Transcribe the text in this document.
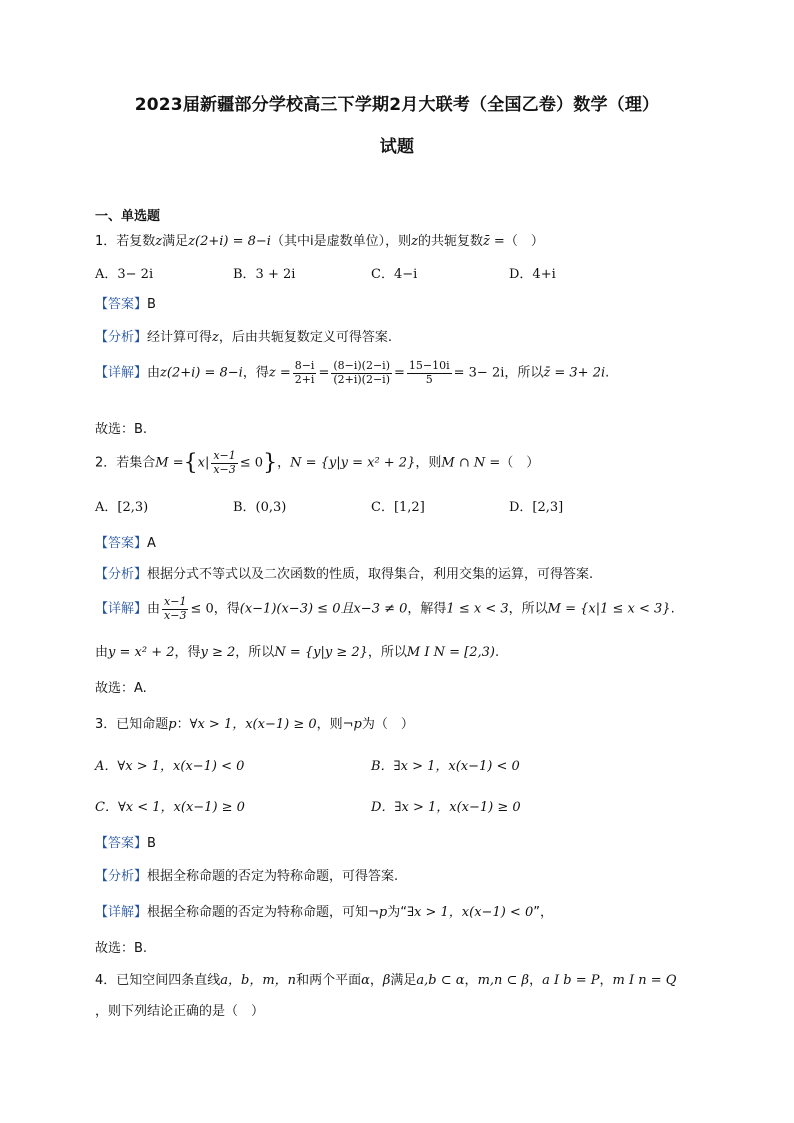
2023届新疆部分学校高三下学期2月大联考（全国乙卷）数学（理）
试题
一、单选题
1．若复数z满足z(2+i) = 8−i（其中i是虚数单位），则z的共轭复数z̄ =（　）
A．3− 2i	B．3 + 2i	C．4−i	D．4+i
【答案】B
【分析】经计算可得z，后由共轭复数定义可得答案.
【详解】由z(2+i) = 8−i，得$z = \frac{8-i}{2+i} = \frac{(8-i)(2-i)}{(2+i)(2-i)} = \frac{15-10i}{5} = 3- 2i$，所以z̄ = 3+ 2i.
故选：B.
2．若集合$M =\{x| \frac{x-1}{x-3} \le 0\}$，N = {y|y = x² + 2}，则M ∩ N =（　）
A．[2,3)	B．(0,3)	C．[1,2]	D．[2,3]
【答案】A
【分析】根据分式不等式以及二次函数的性质，取得集合，利用交集的运算，可得答案.
【详解】由 $\frac{x-1}{x-3} \le 0$，得(x−1)(x−3) ≤ 0且x−3 ≠ 0，解得1 ≤ x < 3，所以M = {x|1 ≤ x < 3}.
由y = x² + 2，得y ≥ 2，所以N = {y|y ≥ 2}，所以M I N = [2,3).
故选：A.
3．已知命题p：∀x > 1，x(x−1) ≥ 0，则¬p为（　）
A．∀x > 1，x(x−1) < 0	B．∃x > 1，x(x−1) < 0
C．∀x < 1，x(x−1) ≥ 0	D．∃x > 1，x(x−1) ≥ 0
【答案】B
【分析】根据全称命题的否定为特称命题，可得答案.
【详解】根据全称命题的否定为特称命题，可知¬p为“∃x > 1，x(x−1) < 0”，
故选：B.
4．已知空间四条直线a，b，m，n和两个平面α，β满足a,b ⊂ α，m,n ⊂ β，a I b = P，m I n = Q
，则下列结论正确的是（　）
